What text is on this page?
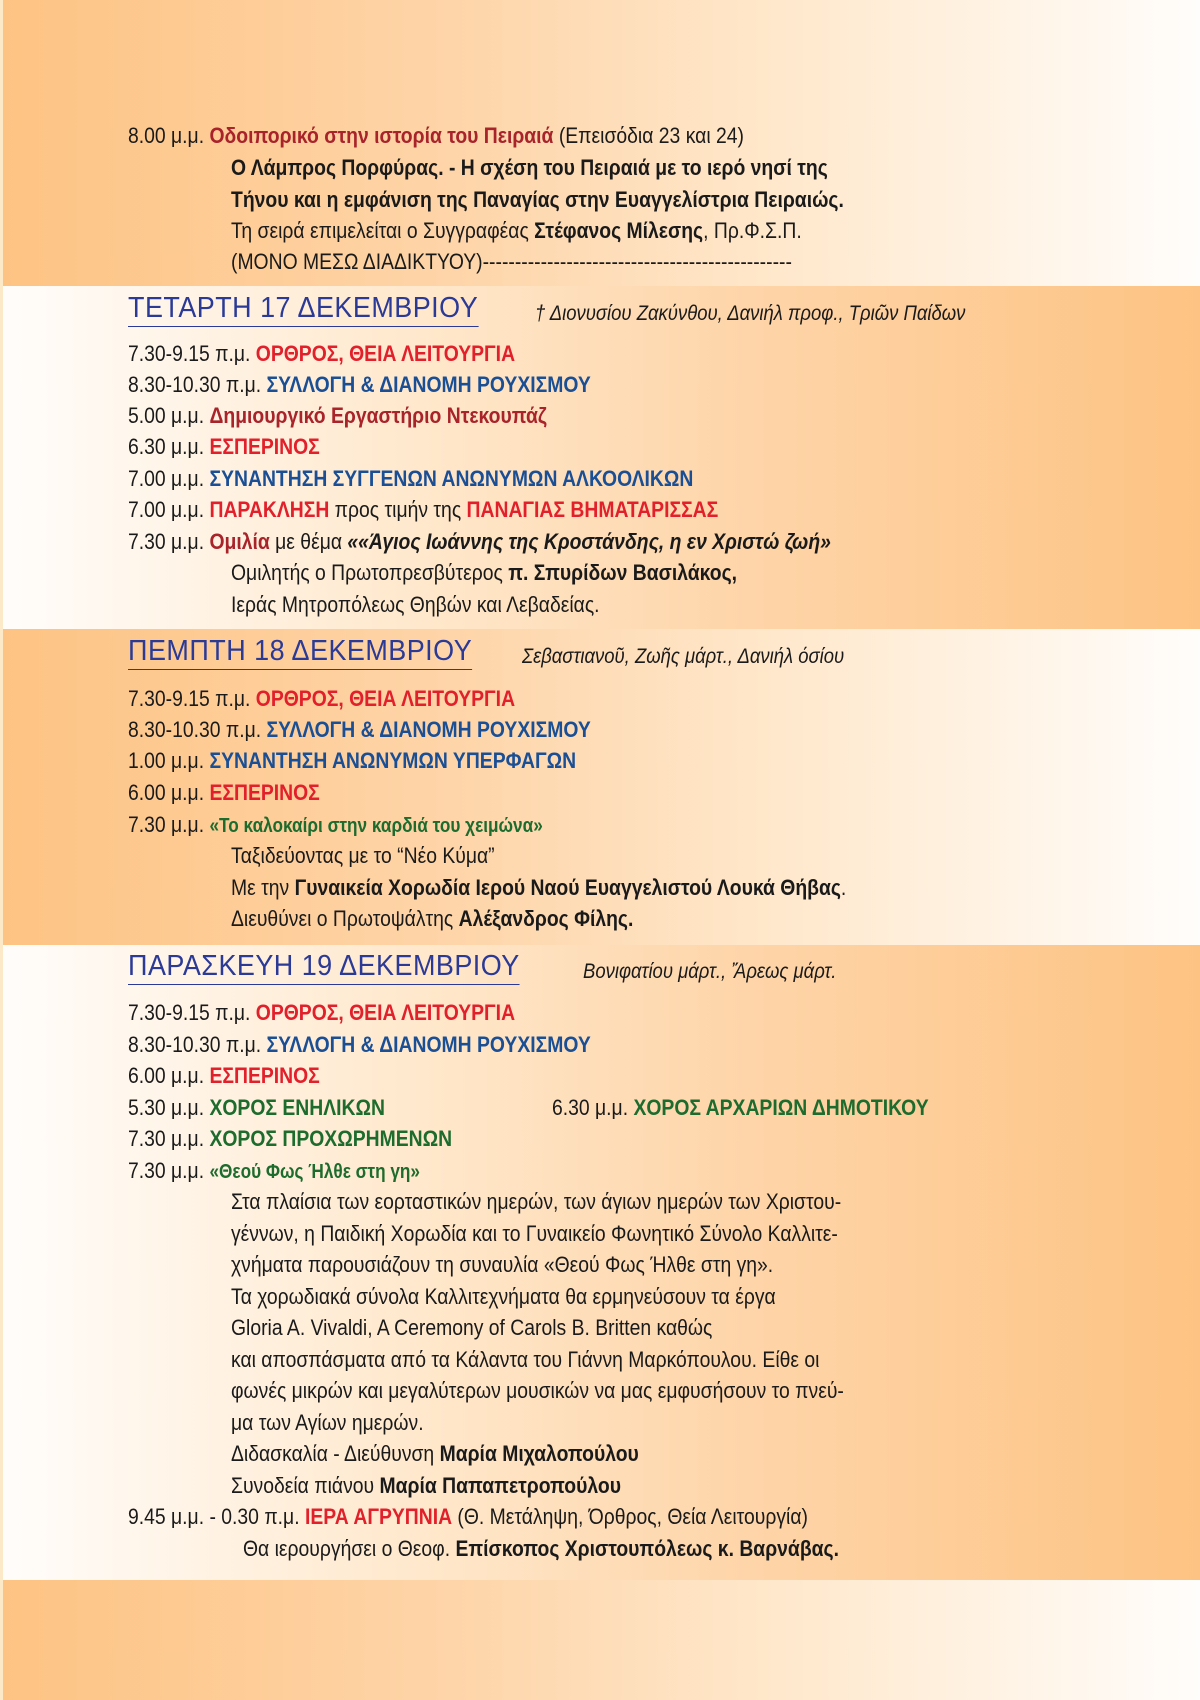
8.00 μ.μ. Οδοιπορικό στην ιστορία του Πειραιά (Επεισόδια 23 και 24)
Ο Λάμπρος Πορφύρας. - Η σχέση του Πειραιά με το ιερό νησί της
Τήνου και η εμφάνιση της Παναγίας στην Ευαγγελίστρια Πειραιώς.
Τη σειρά επιμελείται ο Συγγραφέας Στέφανος Μίλεσης, Πρ.Φ.Σ.Π.
(ΜΟΝΟ ΜΕΣΩ ΔΙΑΔΙΚΤΥΟΥ)------------------------------------------------
ΤΕΤΑΡΤΗ 17 ΔΕΚΕΜΒΡΙΟΥ	† Διονυσίου Ζακύνθου, Δανιήλ προφ., Τριῶν Παίδων
7.30-9.15 π.μ. ΟΡΘΡΟΣ, ΘΕΙΑ ΛΕΙΤΟΥΡΓΙΑ
8.30-10.30 π.μ. ΣΥΛΛΟΓΗ & ΔΙΑΝΟΜΗ ΡΟΥΧΙΣΜΟΥ
5.00 μ.μ. Δημιουργικό Εργαστήριο Ντεκουπάζ
6.30 μ.μ. ΕΣΠΕΡΙΝΟΣ
7.00 μ.μ. ΣΥΝΑΝΤΗΣΗ ΣΥΓΓΕΝΩΝ ΑΝΩΝΥΜΩΝ ΑΛΚΟΟΛΙΚΩΝ
7.00 μ.μ. ΠΑΡΑΚΛΗΣΗ προς τιμήν της ΠΑΝΑΓΙΑΣ ΒΗΜΑΤΑΡΙΣΣΑΣ
7.30 μ.μ. Ομιλία με θέμα ««Άγιος Ιωάννης της Κροστάνδης, η εν Χριστώ ζωή»
Ομιλητής ο Πρωτοπρεσβύτερος π. Σπυρίδων Βασιλάκος,
Ιεράς Μητροπόλεως Θηβών και Λεβαδείας.
ΠΕΜΠΤΗ 18 ΔΕΚΕΜΒΡΙΟΥ Σεβαστιανοῦ, Ζωῆς μάρτ., Δανιήλ όσίου
7.30-9.15 π.μ. ΟΡΘΡΟΣ, ΘΕΙΑ ΛΕΙΤΟΥΡΓΙΑ
8.30-10.30 π.μ. ΣΥΛΛΟΓΗ & ΔΙΑΝΟΜΗ ΡΟΥΧΙΣΜΟΥ
1.00 μ.μ. ΣΥΝΑΝΤΗΣΗ ΑΝΩΝΥΜΩΝ ΥΠΕΡΦΑΓΩΝ
6.00 μ.μ. ΕΣΠΕΡΙΝΟΣ
7.30 μ.μ. «Το καλοκαίρι στην καρδιά του χειμώνα»
Ταξιδεύοντας με το “Νέο Κύμα”
Με την Γυναικεία Χορωδία Ιερού Ναού Ευαγγελιστού Λουκά Θήβας.
Διευθύνει ο Πρωτοψάλτης Αλέξανδρος Φίλης.
ΠΑΡΑΣΚΕΥΗ 19 ΔΕΚΕΜΒΡΙΟΥ	Βονιφατίου μάρτ., Ἄρεως μάρτ.
7.30-9.15 π.μ. ΟΡΘΡΟΣ, ΘΕΙΑ ΛΕΙΤΟΥΡΓΙΑ
8.30-10.30 π.μ. ΣΥΛΛΟΓΗ & ΔΙΑΝΟΜΗ ΡΟΥΧΙΣΜΟΥ
6.00 μ.μ. ΕΣΠΕΡΙΝΟΣ
5.30 μ.μ. ΧΟΡΟΣ ΕΝΗΛΙΚΩΝ	6.30 μ.μ. ΧΟΡΟΣ ΑΡΧΑΡΙΩΝ ΔΗΜΟΤΙΚΟΥ
7.30 μ.μ. ΧΟΡΟΣ ΠΡΟΧΩΡΗΜΕΝΩΝ
7.30 μ.μ. «Θεού Φως Ήλθε στη γη»
Στα πλαίσια των εορταστικών ημερών, των άγιων ημερών των Χριστου-
γέννων, η Παιδική Χορωδία και το Γυναικείο Φωνητικό Σύνολο Καλλιτε-
χνήματα παρουσιάζουν τη συναυλία «Θεού Φως Ήλθε στη γη».
Τα χορωδιακά σύνολα Καλλιτεχνήματα θα ερμηνεύσουν τα έργα
Gloria A. Vivaldi, A Ceremony of Carols B. Britten καθώς
και αποσπάσματα από τα Κάλαντα του Γιάννη Μαρκόπουλου. Είθε οι
φωνές μικρών και μεγαλύτερων μουσικών να μας εμφυσήσουν το πνεύ-
μα των Αγίων ημερών.
Διδασκαλία - Διεύθυνση Μαρία Μιχαλοπούλου
Συνοδεία πιάνου Μαρία Παπαπετροπούλου
9.45 μ.μ. - 0.30 π.μ. ΙΕΡΑ ΑΓΡΥΠΝΙΑ (Θ. Μετάληψη, Όρθρος, Θεία Λειτουργία)
Θα ιερουργήσει ο Θεοφ. Επίσκοπος Χριστουπόλεως κ. Βαρνάβας.
